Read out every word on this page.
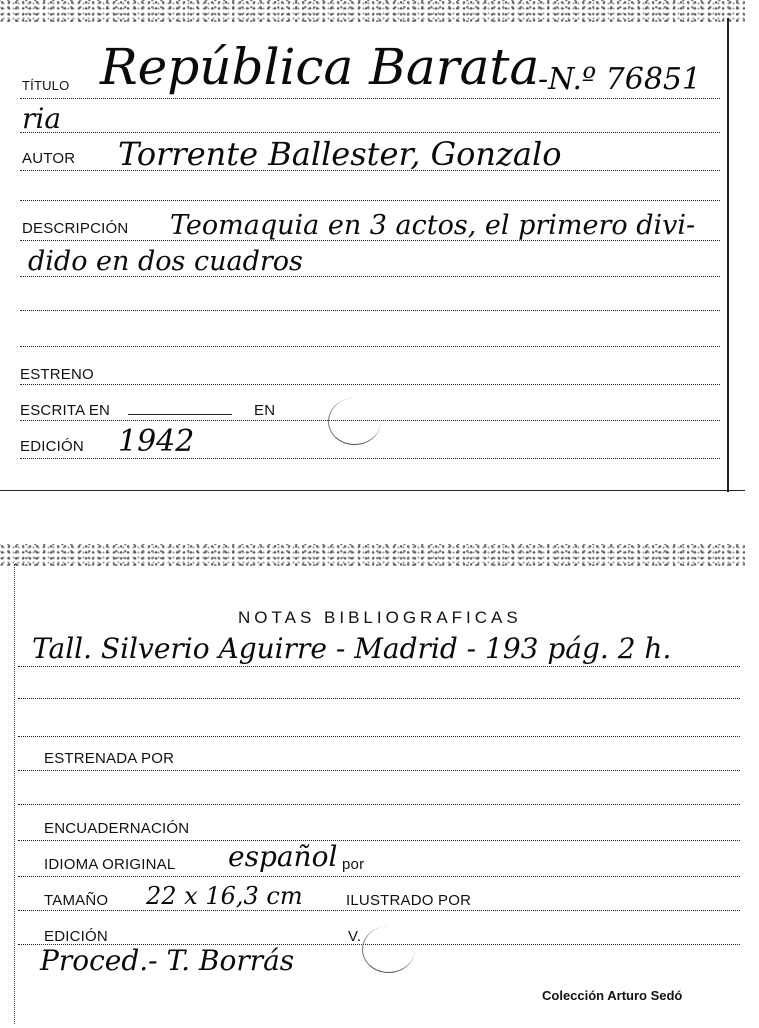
TÍTULO República Barata
-N.º 76851
ria
AUTOR Torrente Ballester, Gonzalo
DESCRIPCIÓN Teomaquia en 3 actos, el primero divi-
dido en dos cuadros
ESTRENO
ESCRITA EN	EN
EDICIÓN 1942
NOTAS BIBLIOGRAFICAS
Tall. Silverio Aguirre - Madrid - 193 pág. 2 h.
ESTRENADA POR
ENCUADERNACIÓN
IDIOMA ORIGINAL español por
TAMAÑO 22 x 16,3 cm	ILUSTRADO POR
EDICIÓN	V.
Proced.- T. Borrás
Colección Arturo Sedó
